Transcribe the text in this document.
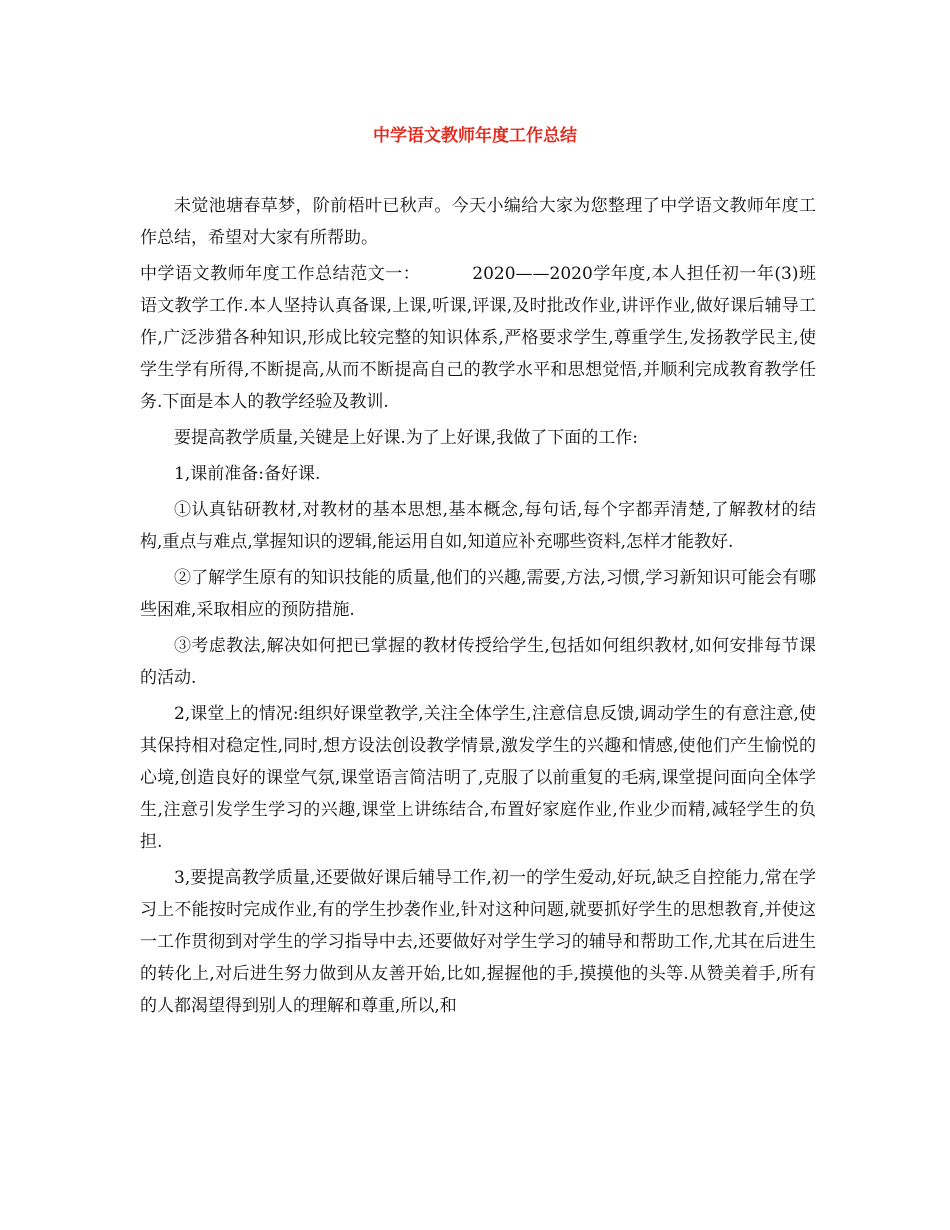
中学语文教师年度工作总结

未觉池塘春草梦，阶前梧叶已秋声。今天小编给大家为您整理了中学语文教师年度工作总结，希望对大家有所帮助。

中学语文教师年度工作总结范文一：	2020——2020学年度,本人担任初一年(3)班语文教学工作.本人坚持认真备课,上课,听课,评课,及时批改作业,讲评作业,做好课后辅导工作,广泛涉猎各种知识,形成比较完整的知识体系,严格要求学生,尊重学生,发扬教学民主,使学生学有所得,不断提高,从而不断提高自己的教学水平和思想觉悟,并顺利完成教育教学任务.下面是本人的教学经验及教训.

要提高教学质量,关键是上好课.为了上好课,我做了下面的工作:

1,课前准备:备好课.

①认真钻研教材,对教材的基本思想,基本概念,每句话,每个字都弄清楚,了解教材的结构,重点与难点,掌握知识的逻辑,能运用自如,知道应补充哪些资料,怎样才能教好.

②了解学生原有的知识技能的质量,他们的兴趣,需要,方法,习惯,学习新知识可能会有哪些困难,采取相应的预防措施.

③考虑教法,解决如何把已掌握的教材传授给学生,包括如何组织教材,如何安排每节课的活动.

2,课堂上的情况:组织好课堂教学,关注全体学生,注意信息反馈,调动学生的有意注意,使其保持相对稳定性,同时,想方设法创设教学情景,激发学生的兴趣和情感,使他们产生愉悦的心境,创造良好的课堂气氛,课堂语言简洁明了,克服了以前重复的毛病,课堂提问面向全体学生,注意引发学生学习的兴趣,课堂上讲练结合,布置好家庭作业,作业少而精,减轻学生的负担.

3,要提高教学质量,还要做好课后辅导工作,初一的学生爱动,好玩,缺乏自控能力,常在学习上不能按时完成作业,有的学生抄袭作业,针对这种问题,就要抓好学生的思想教育,并使这一工作贯彻到对学生的学习指导中去,还要做好对学生学习的辅导和帮助工作,尤其在后进生的转化上,对后进生努力做到从友善开始,比如,握握他的手,摸摸他的头等.从赞美着手,所有的人都渴望得到别人的理解和尊重,所以,和
